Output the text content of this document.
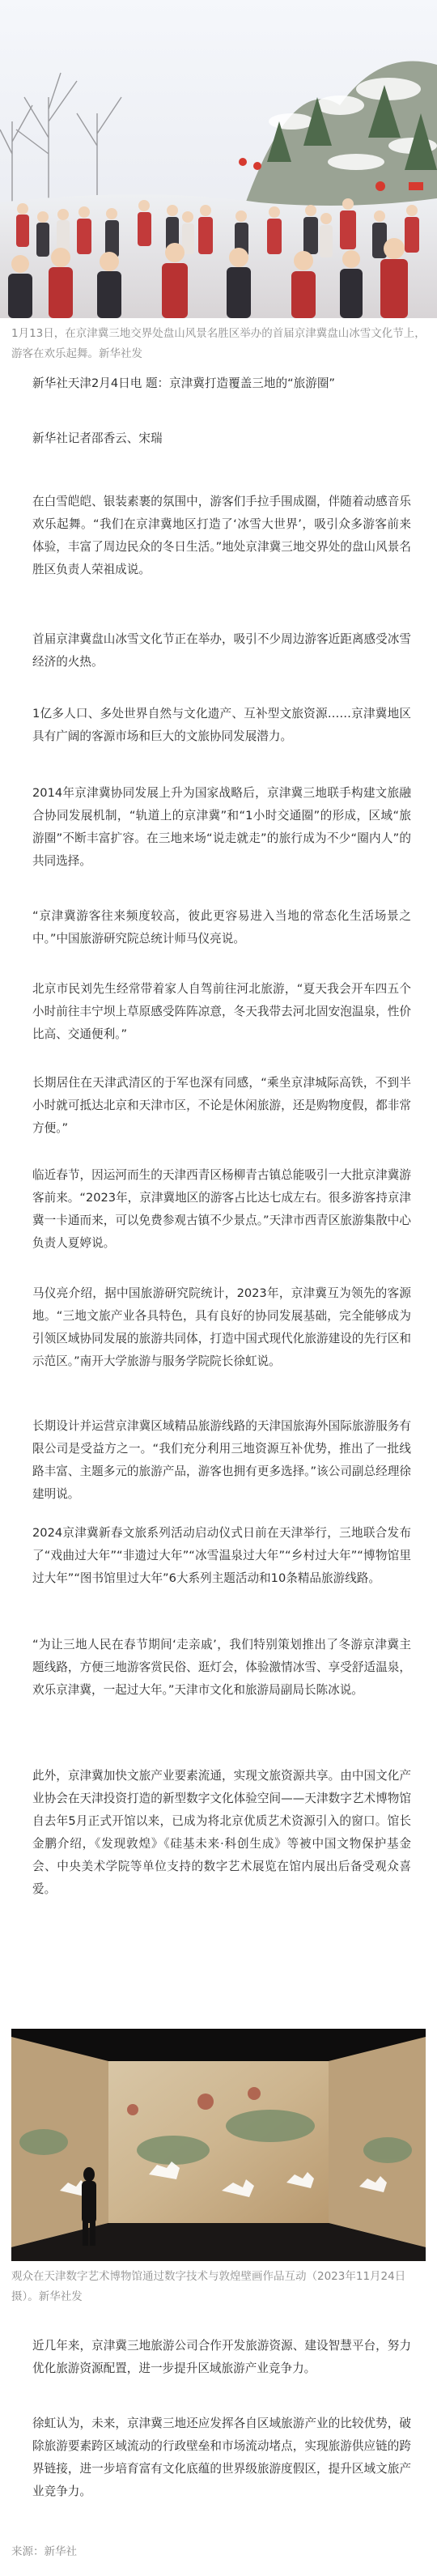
1月13日，在京津冀三地交界处盘山风景名胜区举办的首届京津冀盘山冰雪文化节上，游客在欢乐起舞。新华社发
新华社天津2月4日电 题：京津冀打造覆盖三地的“旅游圈”
新华社记者邵香云、宋瑞
在白雪皑皑、银装素裹的氛围中，游客们手拉手围成圈，伴随着动感音乐欢乐起舞。“我们在京津冀地区打造了‘冰雪大世界’，吸引众多游客前来体验，丰富了周边民众的冬日生活。”地处京津冀三地交界处的盘山风景名胜区负责人荣祖成说。
首届京津冀盘山冰雪文化节正在举办，吸引不少周边游客近距离感受冰雪经济的火热。
1亿多人口、多处世界自然与文化遗产、互补型文旅资源……京津冀地区具有广阔的客源市场和巨大的文旅协同发展潜力。
2014年京津冀协同发展上升为国家战略后，京津冀三地联手构建文旅融合协同发展机制，“轨道上的京津冀”和“1小时交通圈”的形成，区域“旅游圈”不断丰富扩容。在三地来场“说走就走”的旅行成为不少“圈内人”的共同选择。
“京津冀游客往来频度较高，彼此更容易进入当地的常态化生活场景之中。”中国旅游研究院总统计师马仪亮说。
北京市民刘先生经常带着家人自驾前往河北旅游，“夏天我会开车四五个小时前往丰宁坝上草原感受阵阵凉意，冬天我带去河北固安泡温泉，性价比高、交通便利。”
长期居住在天津武清区的于军也深有同感，“乘坐京津城际高铁，不到半小时就可抵达北京和天津市区，不论是休闲旅游，还是购物度假，都非常方便。”
临近春节，因运河而生的天津西青区杨柳青古镇总能吸引一大批京津冀游客前来。“2023年，京津冀地区的游客占比达七成左右。很多游客持京津冀一卡通而来，可以免费参观古镇不少景点。”天津市西青区旅游集散中心负责人夏婷说。
马仪亮介绍，据中国旅游研究院统计，2023年，京津冀互为领先的客源地。“三地文旅产业各具特色，具有良好的协同发展基础，完全能够成为引领区域协同发展的旅游共同体，打造中国式现代化旅游建设的先行区和示范区。”南开大学旅游与服务学院院长徐虹说。
长期设计并运营京津冀区域精品旅游线路的天津国旅海外国际旅游服务有限公司是受益方之一。“我们充分利用三地资源互补优势，推出了一批线路丰富、主题多元的旅游产品，游客也拥有更多选择。”该公司副总经理徐建明说。
2024京津冀新春文旅系列活动启动仪式日前在天津举行，三地联合发布了“戏曲过大年”“非遗过大年”“冰雪温泉过大年”“乡村过大年”“博物馆里过大年”“图书馆里过大年”6大系列主题活动和10条精品旅游线路。
“为让三地人民在春节期间‘走亲戚’，我们特别策划推出了冬游京津冀主题线路，方便三地游客赏民俗、逛灯会，体验激情冰雪、享受舒适温泉，欢乐京津冀，一起过大年。”天津市文化和旅游局副局长陈冰说。
此外，京津冀加快文旅产业要素流通，实现文旅资源共享。由中国文化产业协会在天津投资打造的新型数字文化体验空间——天津数字艺术博物馆自去年5月正式开馆以来，已成为将北京优质艺术资源引入的窗口。馆长金鹏介绍，《发现敦煌》《硅基未来·科创生成》等被中国文物保护基金会、中央美术学院等单位支持的数字艺术展览在馆内展出后备受观众喜爱。
观众在天津数字艺术博物馆通过数字技术与敦煌壁画作品互动（2023年11月24日摄）。新华社发
近几年来，京津冀三地旅游公司合作开发旅游资源、建设智慧平台，努力优化旅游资源配置，进一步提升区域旅游产业竞争力。
徐虹认为，未来，京津冀三地还应发挥各自区域旅游产业的比较优势，破除旅游要素跨区域流动的行政壁垒和市场流动堵点，实现旅游供应链的跨界链接，进一步培育富有文化底蕴的世界级旅游度假区，提升区域文旅产业竞争力。
来源：新华社
